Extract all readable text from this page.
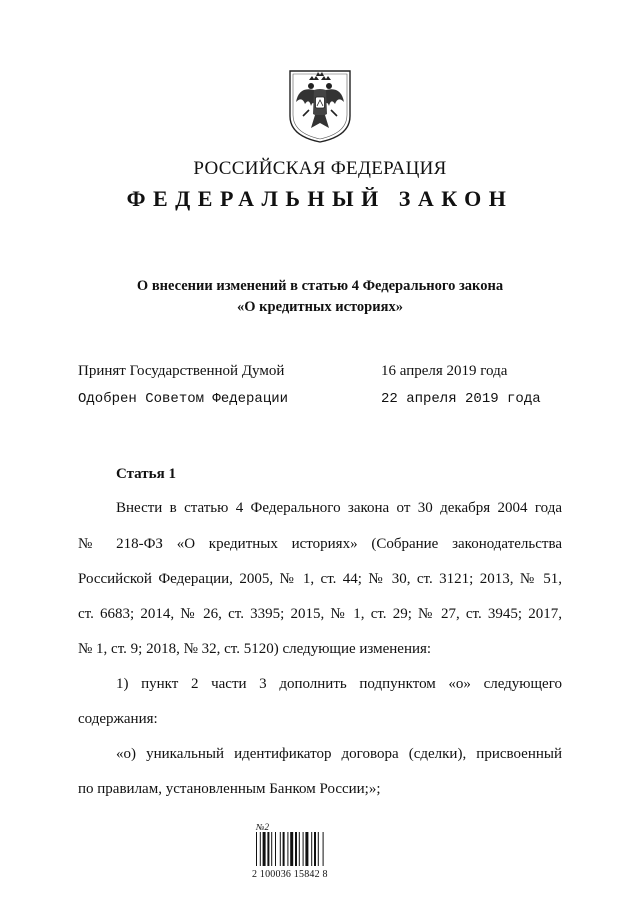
РОССИЙСКАЯ ФЕДЕРАЦИЯ
ФЕДЕРАЛЬНЫЙ ЗАКОН
О внесении изменений в статью 4 Федерального закона
«О кредитных историях»
Принят Государственной Думой	16 апреля 2019 года
Одобрен Советом Федерации	22 апреля 2019 года
Статья 1
Внести в статью 4 Федерального закона от 30 декабря 2004 года
№ 218-ФЗ «О кредитных историях» (Собрание законодательства
Российской Федерации, 2005, № 1, ст. 44; № 30, ст. 3121; 2013, № 51,
ст. 6683; 2014, № 26, ст. 3395; 2015, № 1, ст. 29; № 27, ст. 3945; 2017,
№ 1, ст. 9; 2018, № 32, ст. 5120) следующие изменения:
1) пункт 2 части 3 дополнить подпунктом «о» следующего
содержания:
«о) уникальный идентификатор договора (сделки), присвоенный
по правилам, установленным Банком России;»;
№2
2 100036 15842 8
